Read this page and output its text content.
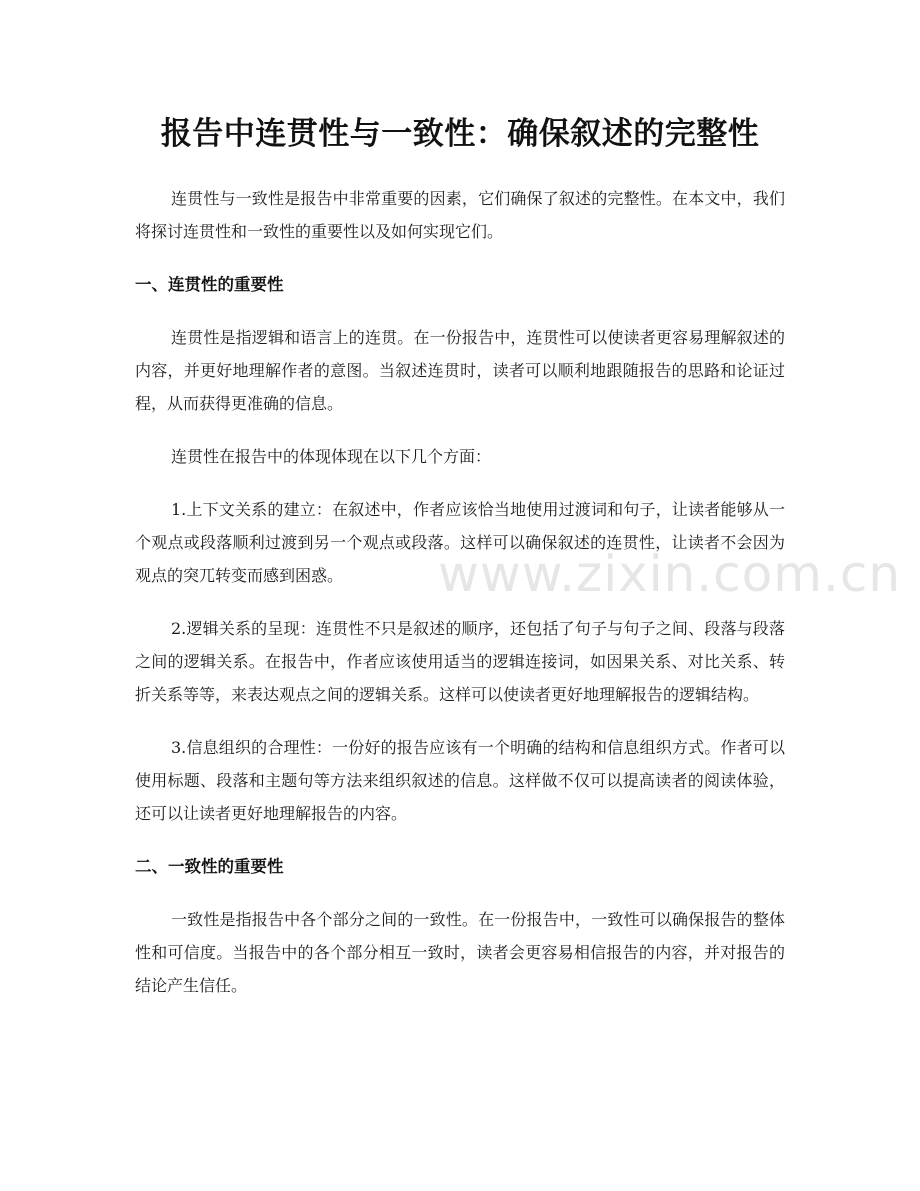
报告中连贯性与一致性：确保叙述的完整性

连贯性与一致性是报告中非常重要的因素，它们确保了叙述的完整性。在本文中，我们将探讨连贯性和一致性的重要性以及如何实现它们。

一、连贯性的重要性

连贯性是指逻辑和语言上的连贯。在一份报告中，连贯性可以使读者更容易理解叙述的内容，并更好地理解作者的意图。当叙述连贯时，读者可以顺利地跟随报告的思路和论证过程，从而获得更准确的信息。

连贯性在报告中的体现体现在以下几个方面：

1.上下文关系的建立：在叙述中，作者应该恰当地使用过渡词和句子，让读者能够从一个观点或段落顺利过渡到另一个观点或段落。这样可以确保叙述的连贯性，让读者不会因为观点的突兀转变而感到困惑。

2.逻辑关系的呈现：连贯性不只是叙述的顺序，还包括了句子与句子之间、段落与段落之间的逻辑关系。在报告中，作者应该使用适当的逻辑连接词，如因果关系、对比关系、转折关系等等，来表达观点之间的逻辑关系。这样可以使读者更好地理解报告的逻辑结构。

3.信息组织的合理性：一份好的报告应该有一个明确的结构和信息组织方式。作者可以使用标题、段落和主题句等方法来组织叙述的信息。这样做不仅可以提高读者的阅读体验，还可以让读者更好地理解报告的内容。

二、一致性的重要性

一致性是指报告中各个部分之间的一致性。在一份报告中，一致性可以确保报告的整体性和可信度。当报告中的各个部分相互一致时，读者会更容易相信报告的内容，并对报告的结论产生信任。

www.zixin.com.cn
